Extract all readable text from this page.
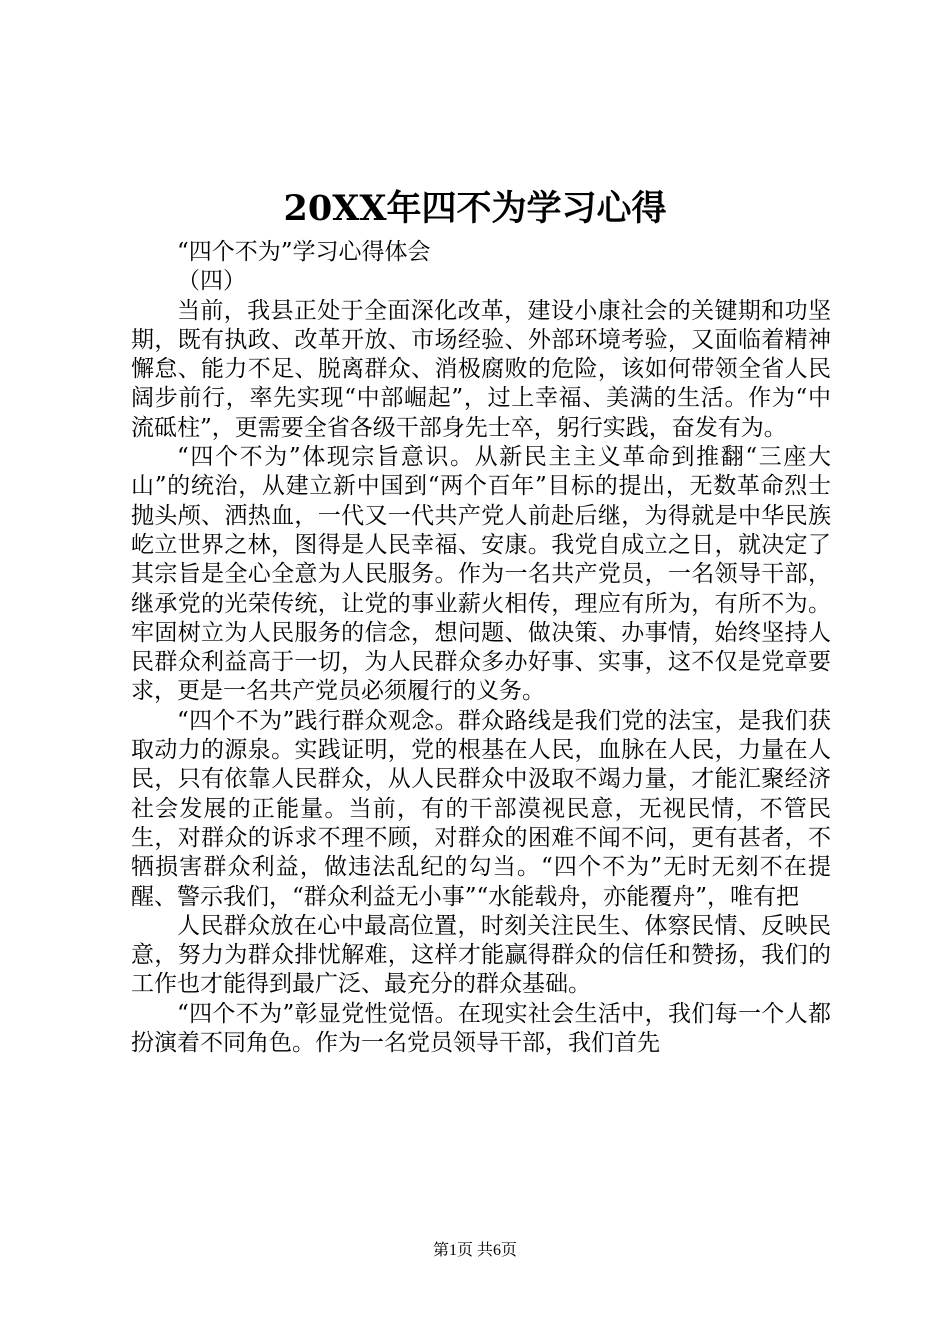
20XX年四不为学习心得

“四个不为”学习心得体会

（四）

当前，我县正处于全面深化改革，建设小康社会的关键期和功坚期，既有执政、改革开放、市场经验、外部环境考验，又面临着精神懈怠、能力不足、脱离群众、消极腐败的危险，该如何带领全省人民阔步前行，率先实现“中部崛起”，过上幸福、美满的生活。作为“中流砥柱”，更需要全省各级干部身先士卒，躬行实践，奋发有为。

“四个不为”体现宗旨意识。从新民主主义革命到推翻“三座大山”的统治，从建立新中国到“两个百年”目标的提出，无数革命烈士抛头颅、洒热血，一代又一代共产党人前赴后继，为得就是中华民族屹立世界之林，图得是人民幸福、安康。我党自成立之日，就决定了其宗旨是全心全意为人民服务。作为一名共产党员，一名领导干部，继承党的光荣传统，让党的事业薪火相传，理应有所为，有所不为。牢固树立为人民服务的信念，想问题、做决策、办事情，始终坚持人民群众利益高于一切，为人民群众多办好事、实事，这不仅是党章要求，更是一名共产党员必须履行的义务。

“四个不为”践行群众观念。群众路线是我们党的法宝，是我们获取动力的源泉。实践证明，党的根基在人民，血脉在人民，力量在人民，只有依靠人民群众，从人民群众中汲取不竭力量，才能汇聚经济社会发展的正能量。当前，有的干部漠视民意，无视民情，不管民生，对群众的诉求不理不顾，对群众的困难不闻不问，更有甚者，不牺损害群众利益，做违法乱纪的勾当。“四个不为”无时无刻不在提醒、警示我们，“群众利益无小事”“水能载舟，亦能覆舟”，唯有把

人民群众放在心中最高位置，时刻关注民生、体察民情、反映民意，努力为群众排忧解难，这样才能赢得群众的信任和赞扬，我们的工作也才能得到最广泛、最充分的群众基础。

“四个不为”彰显党性觉悟。在现实社会生活中，我们每一个人都扮演着不同角色。作为一名党员领导干部，我们首先

第1页 共6页
